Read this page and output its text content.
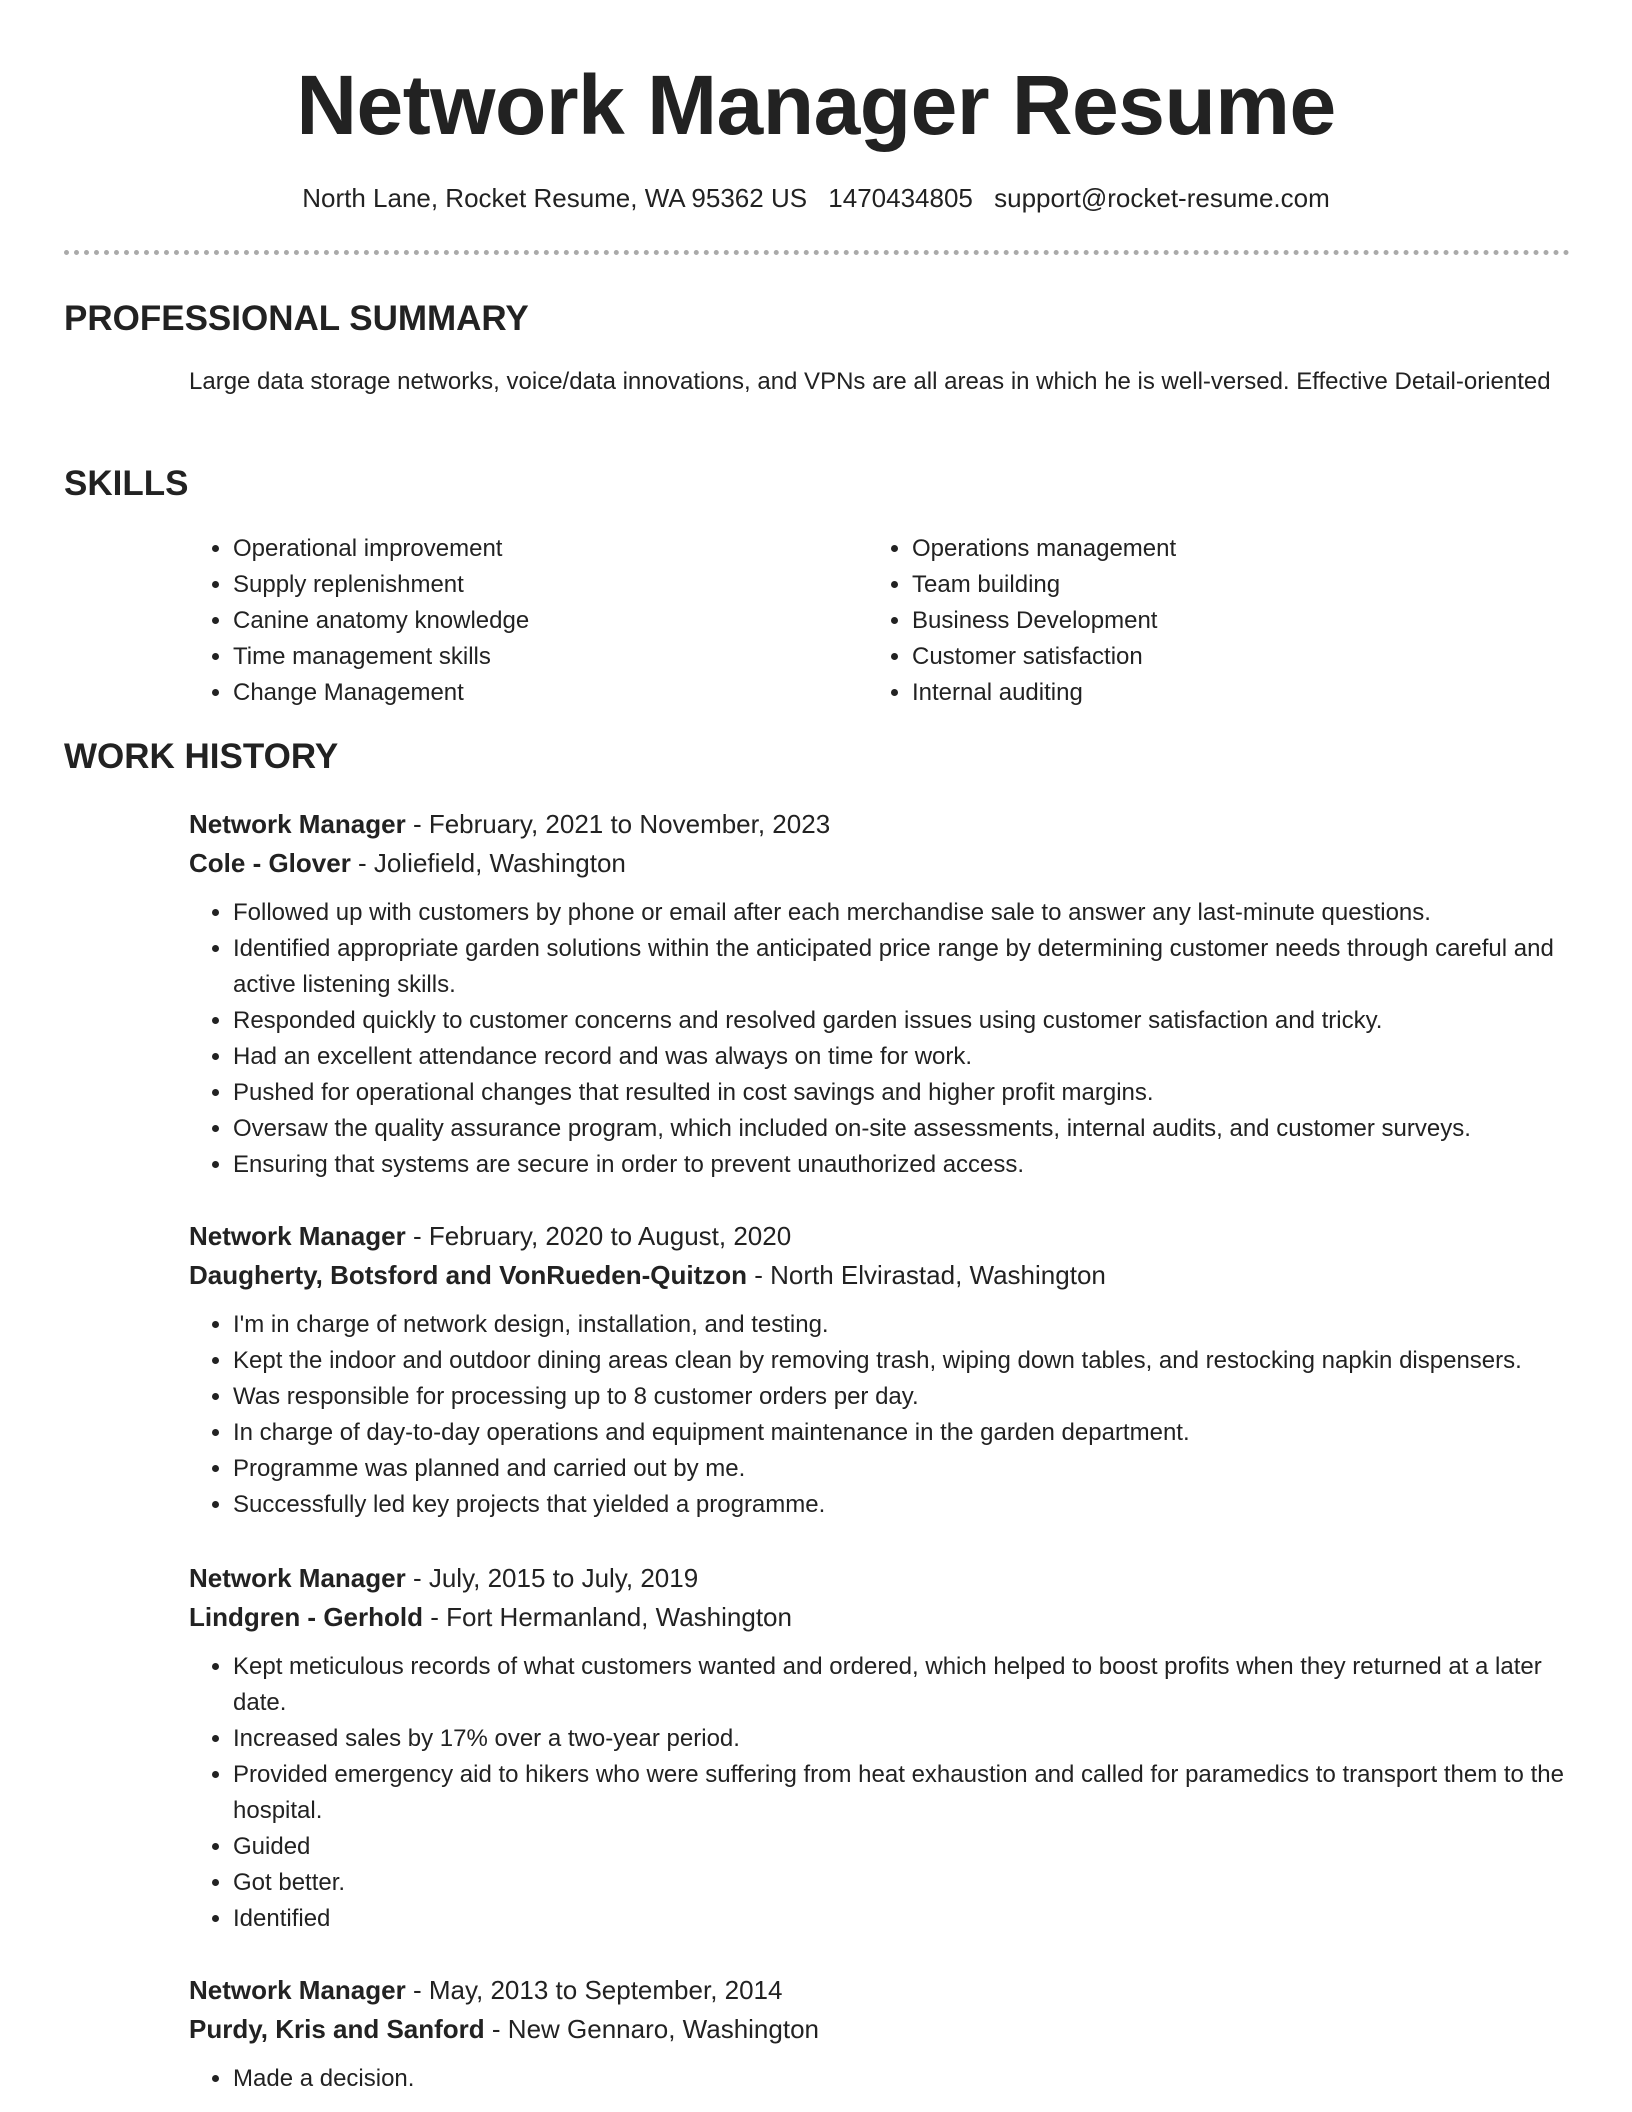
Network Manager Resume
North Lane, Rocket Resume, WA 95362 US 1470434805 support@rocket-resume.com
PROFESSIONAL SUMMARY
Large data storage networks, voice/data innovations, and VPNs are all areas in which he is well-versed. Effective Detail-oriented
SKILLS
• Operational improvement
• Supply replenishment
• Canine anatomy knowledge
• Time management skills
• Change Management
• Operations management
• Team building
• Business Development
• Customer satisfaction
• Internal auditing
WORK HISTORY
Network Manager - February, 2021 to November, 2023
Cole - Glover - Joliefield, Washington
• Followed up with customers by phone or email after each merchandise sale to answer any last-minute questions.
• Identified appropriate garden solutions within the anticipated price range by determining customer needs through careful and active listening skills.
• Responded quickly to customer concerns and resolved garden issues using customer satisfaction and tricky.
• Had an excellent attendance record and was always on time for work.
• Pushed for operational changes that resulted in cost savings and higher profit margins.
• Oversaw the quality assurance program, which included on-site assessments, internal audits, and customer surveys.
• Ensuring that systems are secure in order to prevent unauthorized access.
Network Manager - February, 2020 to August, 2020
Daugherty, Botsford and VonRueden-Quitzon - North Elvirastad, Washington
• I'm in charge of network design, installation, and testing.
• Kept the indoor and outdoor dining areas clean by removing trash, wiping down tables, and restocking napkin dispensers.
• Was responsible for processing up to 8 customer orders per day.
• In charge of day-to-day operations and equipment maintenance in the garden department.
• Programme was planned and carried out by me.
• Successfully led key projects that yielded a programme.
Network Manager - July, 2015 to July, 2019
Lindgren - Gerhold - Fort Hermanland, Washington
• Kept meticulous records of what customers wanted and ordered, which helped to boost profits when they returned at a later date.
• Increased sales by 17% over a two-year period.
• Provided emergency aid to hikers who were suffering from heat exhaustion and called for paramedics to transport them to the hospital.
• Guided
• Got better.
• Identified
Network Manager - May, 2013 to September, 2014
Purdy, Kris and Sanford - New Gennaro, Washington
• Made a decision.
